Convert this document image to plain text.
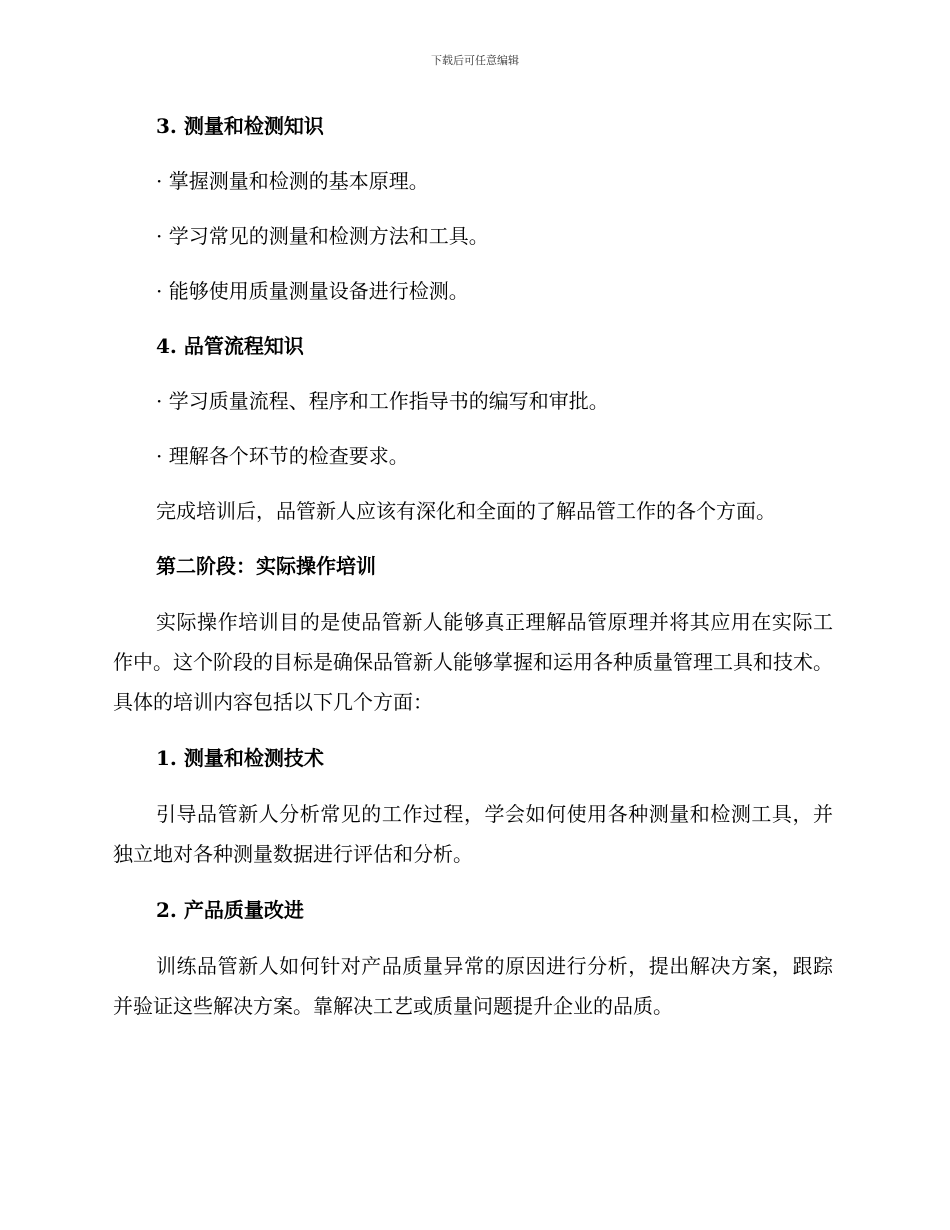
下载后可任意编辑

3. 测量和检测知识

· 掌握测量和检测的基本原理。

· 学习常见的测量和检测方法和工具。

· 能够使用质量测量设备进行检测。

4. 品管流程知识

· 学习质量流程、程序和工作指导书的编写和审批。

· 理解各个环节的检查要求。

完成培训后，品管新人应该有深化和全面的了解品管工作的各个方面。

第二阶段：实际操作培训

实际操作培训目的是使品管新人能够真正理解品管原理并将其应用在实际工作中。这个阶段的目标是确保品管新人能够掌握和运用各种质量管理工具和技术。具体的培训内容包括以下几个方面：

1. 测量和检测技术

引导品管新人分析常见的工作过程，学会如何使用各种测量和检测工具，并独立地对各种测量数据进行评估和分析。

2. 产品质量改进

训练品管新人如何针对产品质量异常的原因进行分析，提出解决方案，跟踪并验证这些解决方案。靠解决工艺或质量问题提升企业的品质。
